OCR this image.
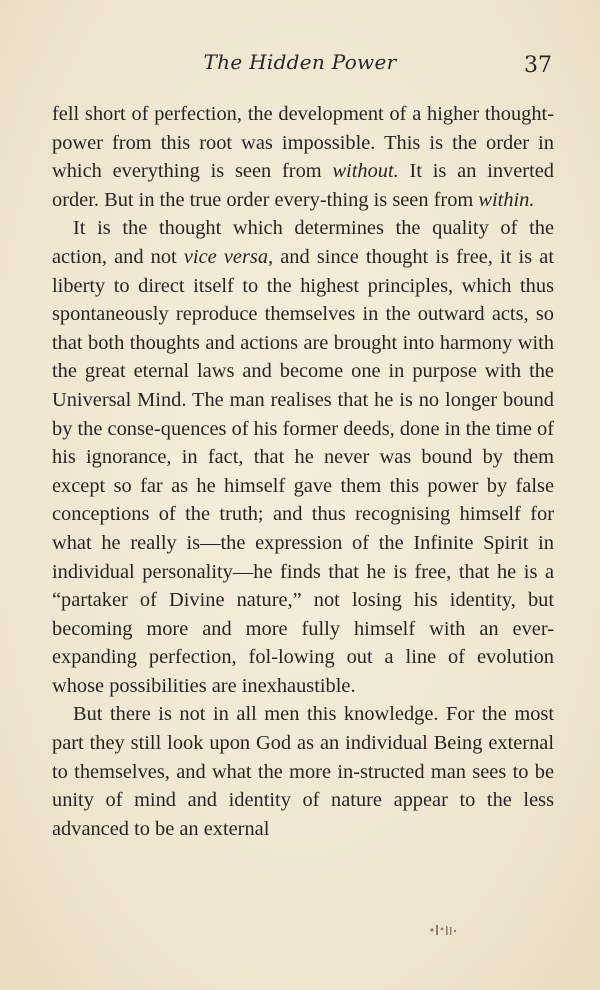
The Hidden Power	37

fell short of perfection, the development of a higher thought-power from this root was impossible. This is the order in which everything is seen from without. It is an inverted order. But in the true order every-thing is seen from within.

It is the thought which determines the quality of the action, and not vice versa, and since thought is free, it is at liberty to direct itself to the highest principles, which thus spontaneously reproduce themselves in the outward acts, so that both thoughts and actions are brought into harmony with the great eternal laws and become one in purpose with the Universal Mind. The man realises that he is no longer bound by the conse-quences of his former deeds, done in the time of his ignorance, in fact, that he never was bound by them except so far as he himself gave them this power by false conceptions of the truth; and thus recognising himself for what he really is—the expression of the Infinite Spirit in individual personality—he finds that he is free, that he is a “partaker of Divine nature,” not losing his identity, but becoming more and more fully himself with an ever-expanding perfection, fol-lowing out a line of evolution whose possibilities are inexhaustible.

But there is not in all men this knowledge. For the most part they still look upon God as an individual Being external to themselves, and what the more in-structed man sees to be unity of mind and identity of nature appear to the less advanced to be an external
